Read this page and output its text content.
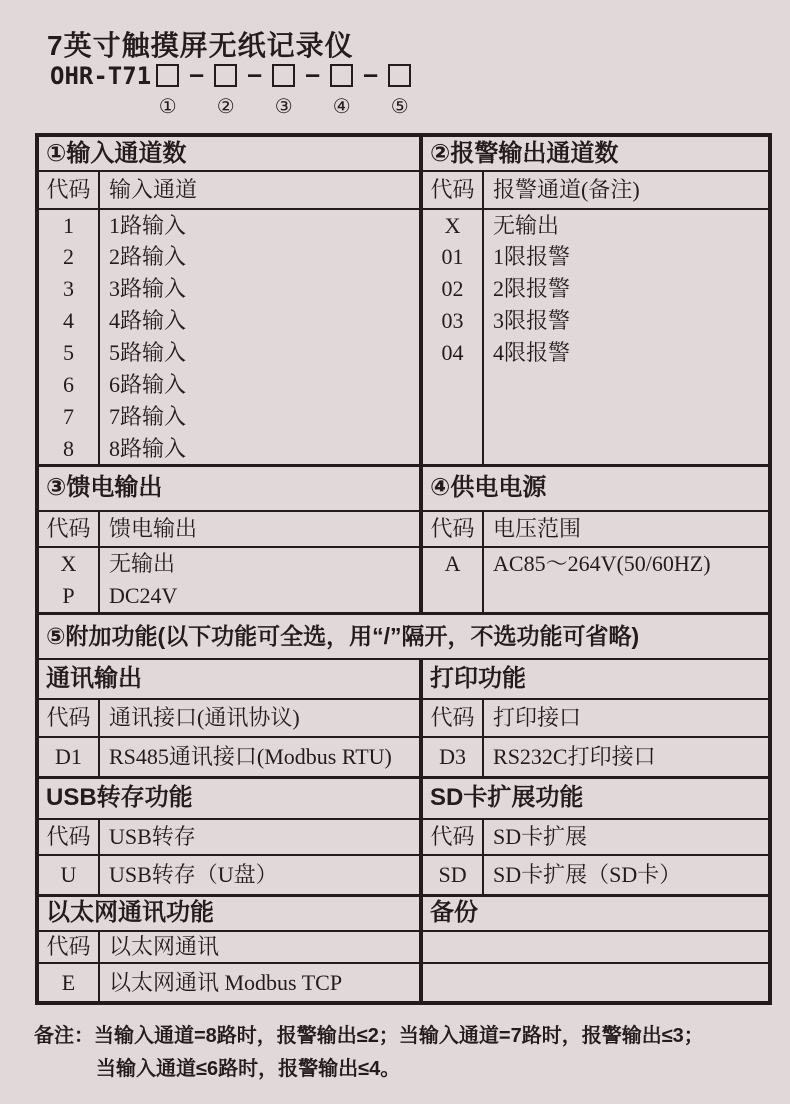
7英寸触摸屏无纸记录仪
OHR-T71
①
–
②
–
③
–
④
–
⑤
①输入通道数		②报警输出通道数	
代码	输入通道	代码	报警通道(备注)
1	1路输入	X	无输出
2	2路输入	01	1限报警
3	3路输入	02	2限报警
4	4路输入	03	3限报警
5	5路输入	04	4限报警
6	6路输入		
7	7路输入		
8	8路输入		
③馈电输出		④供电电源	
代码	馈电输出	代码	电压范围
X	无输出	A	AC85～264V(50/60HZ)
P	DC24V		
⑤附加功能(以下功能可全选，用“/”隔开，不选功能可省略)			
通讯输出		打印功能	
代码	通讯接口(通讯协议)	代码	打印接口
D1	RS485通讯接口(Modbus RTU)	D3	RS232C打印接口
USB转存功能		SD卡扩展功能	
代码	USB转存	代码	SD卡扩展
U	USB转存（U盘）	SD	SD卡扩展（SD卡）
以太网通讯功能		备份	
代码	以太网通讯		
E	以太网通讯 Modbus TCP		
备注：当输入通道=8路时，报警输出≤2；当输入通道=7路时，报警输出≤3；
当输入通道≤6路时，报警输出≤4。
